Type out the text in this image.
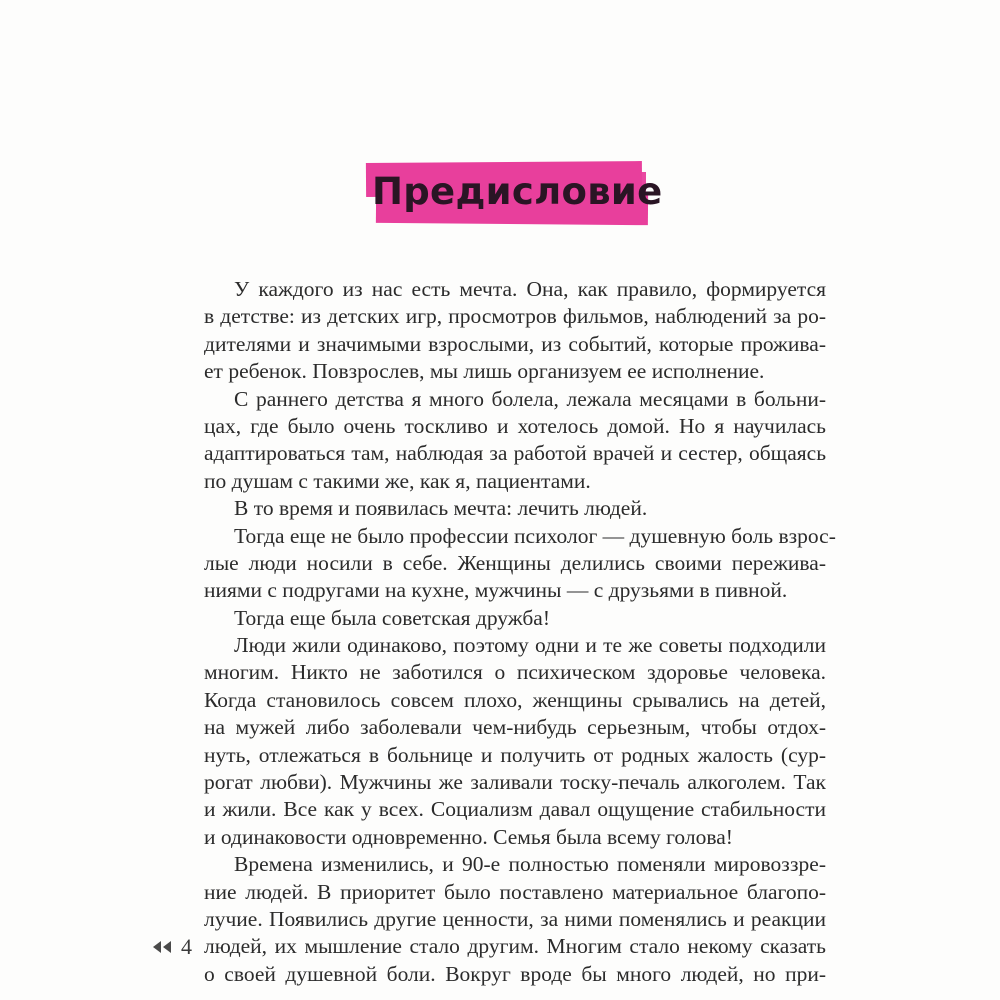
Предисловие
У каждого из нас есть мечта. Она, как правило, формируется
в детстве: из детских игр, просмотров фильмов, наблюдений за ро-
дителями и значимыми взрослыми, из событий, которые прожива-
ет ребенок. Повзрослев, мы лишь организуем ее исполнение.
С раннего детства я много болела, лежала месяцами в больни-
цах, где было очень тоскливо и хотелось домой. Но я научилась
адаптироваться там, наблюдая за работой врачей и сестер, общаясь
по душам с такими же, как я, пациентами.
В то время и появилась мечта: лечить людей.
Тогда еще не было профессии психолог — душевную боль взрос-
лые люди носили в себе. Женщины делились своими пережива-
ниями с подругами на кухне, мужчины — с друзьями в пивной.
Тогда еще была советская дружба!
Люди жили одинаково, поэтому одни и те же советы подходили
многим. Никто не заботился о психическом здоровье человека.
Когда становилось совсем плохо, женщины срывались на детей,
на мужей либо заболевали чем-нибудь серьезным, чтобы отдох-
нуть, отлежаться в больнице и получить от родных жалость (сур-
рогат любви). Мужчины же заливали тоску-печаль алкоголем. Так
и жили. Все как у всех. Социализм давал ощущение стабильности
и одинаковости одновременно. Семья была всему голова!
Времена изменились, и 90-е полностью поменяли мировоззре-
ние людей. В приоритет было поставлено материальное благопо-
лучие. Появились другие ценности, за ними поменялись и реакции
людей, их мышление стало другим. Многим стало некому сказать
о своей душевной боли. Вокруг вроде бы много людей, но при-
4
